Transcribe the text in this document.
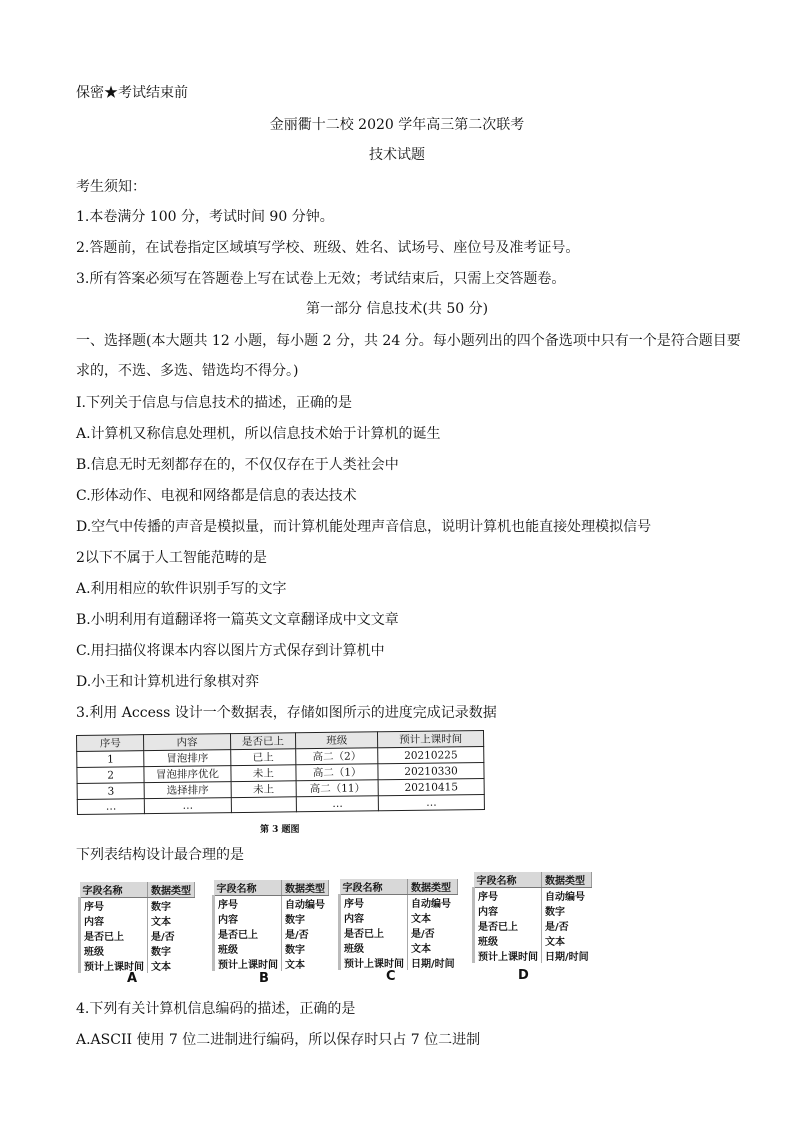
保密★考试结束前
金丽衢十二校 2020 学年高三第二次联考
技术试题
考生须知：
1.本卷满分 100 分，考试时间 90 分钟。
2.答题前，在试卷指定区域填写学校、班级、姓名、试场号、座位号及准考证号。
3.所有答案必须写在答题卷上写在试卷上无效；考试结束后，只需上交答题卷。
第一部分 信息技术(共 50 分)
一、选择题(本大题共 12 小题，每小题 2 分，共 24 分。每小题列出的四个备选项中只有一个是符合题目要
求的，不选、多选、错选均不得分。)
I.下列关于信息与信息技术的描述，正确的是
A.计算机又称信息处理机，所以信息技术始于计算机的诞生
B.信息无时无刻都存在的，不仅仅存在于人类社会中
C.形体动作、电视和网络都是信息的表达技术
D.空气中传播的声音是模拟量，而计算机能处理声音信息，说明计算机也能直接处理模拟信号
2以下不属于人工智能范畴的是
A.利用相应的软件识别手写的文字
B.小明利用有道翻译将一篇英文文章翻译成中文文章
C.用扫描仪将课本内容以图片方式保存到计算机中
D.小王和计算机进行象棋对弈
3.利用 Access 设计一个数据表，存储如图所示的进度完成记录数据
序号	内容	是否已上	班级	预计上课时间
1	冒泡排序	已上	高二（2）	20210225
2	冒泡排序优化	未上	高二（1）	20210330
3	选择排序	未上	高二（11）	20210415
…	…		…	…
第 3 题图
下列表结构设计最合理的是
字段名称	数据类型
序号	数字
内容	文本
是否已上	是/否
班级	数字
预计上课时间	文本
A
字段名称	数据类型
序号	自动编号
内容	数字
是否已上	是/否
班级	数字
预计上课时间	文本
B
字段名称	数据类型
序号	自动编号
内容	文本
是否已上	是/否
班级	文本
预计上课时间	日期/时间
C
字段名称	数据类型
序号	自动编号
内容	数字
是否已上	是/否
班级	文本
预计上课时间	日期/时间
D
4.下列有关计算机信息编码的描述，正确的是
A.ASCII 使用 7 位二进制进行编码，所以保存时只占 7 位二进制
